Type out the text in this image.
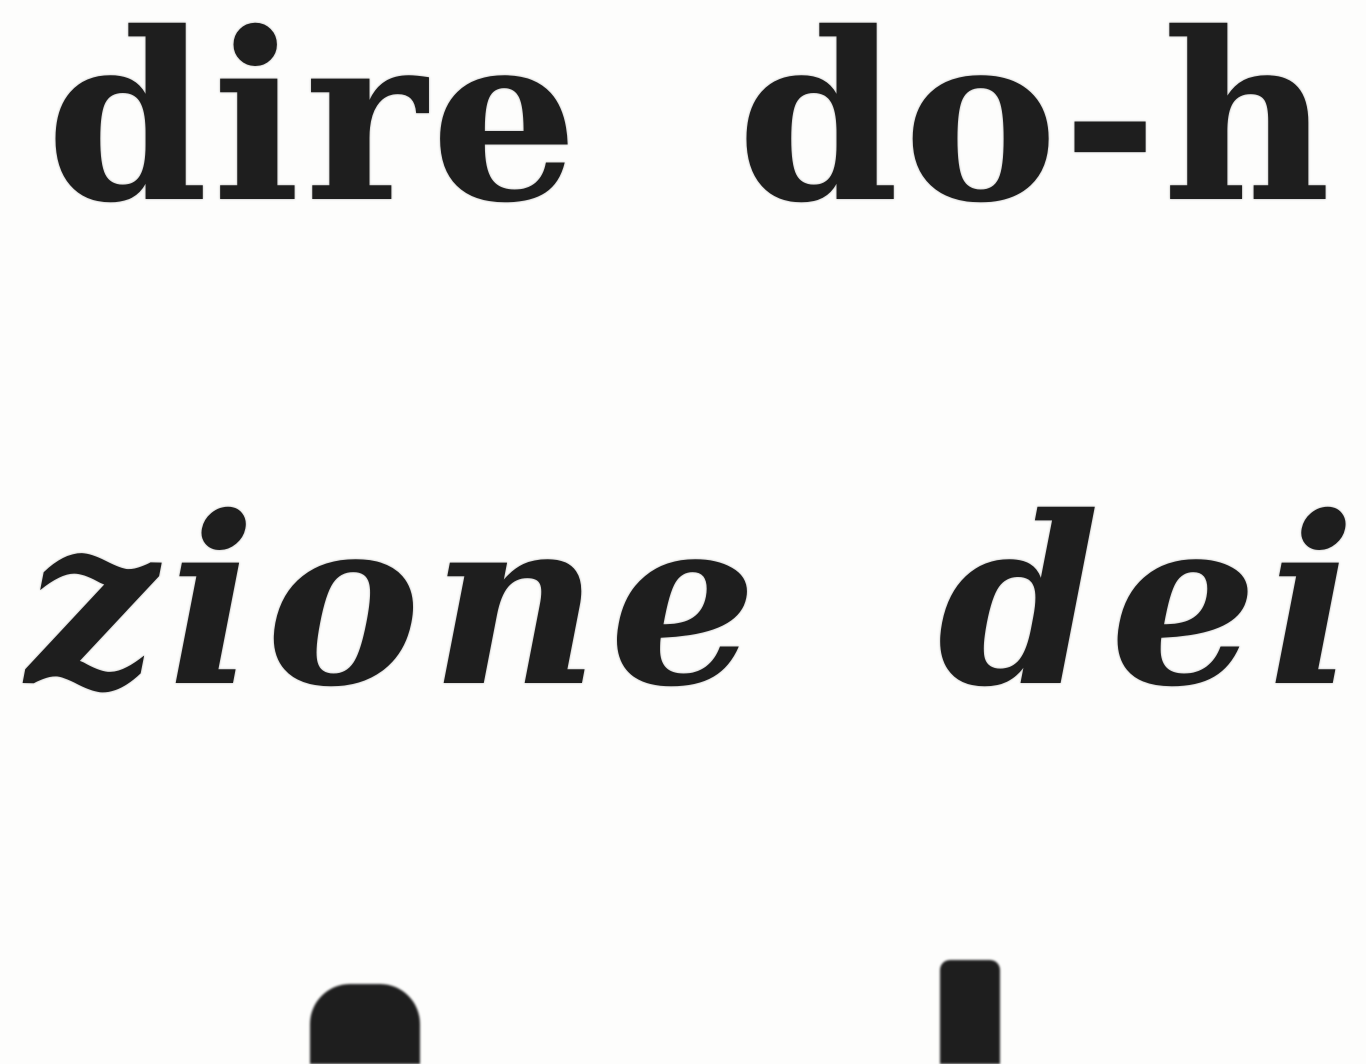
dire do-h

zione dei
